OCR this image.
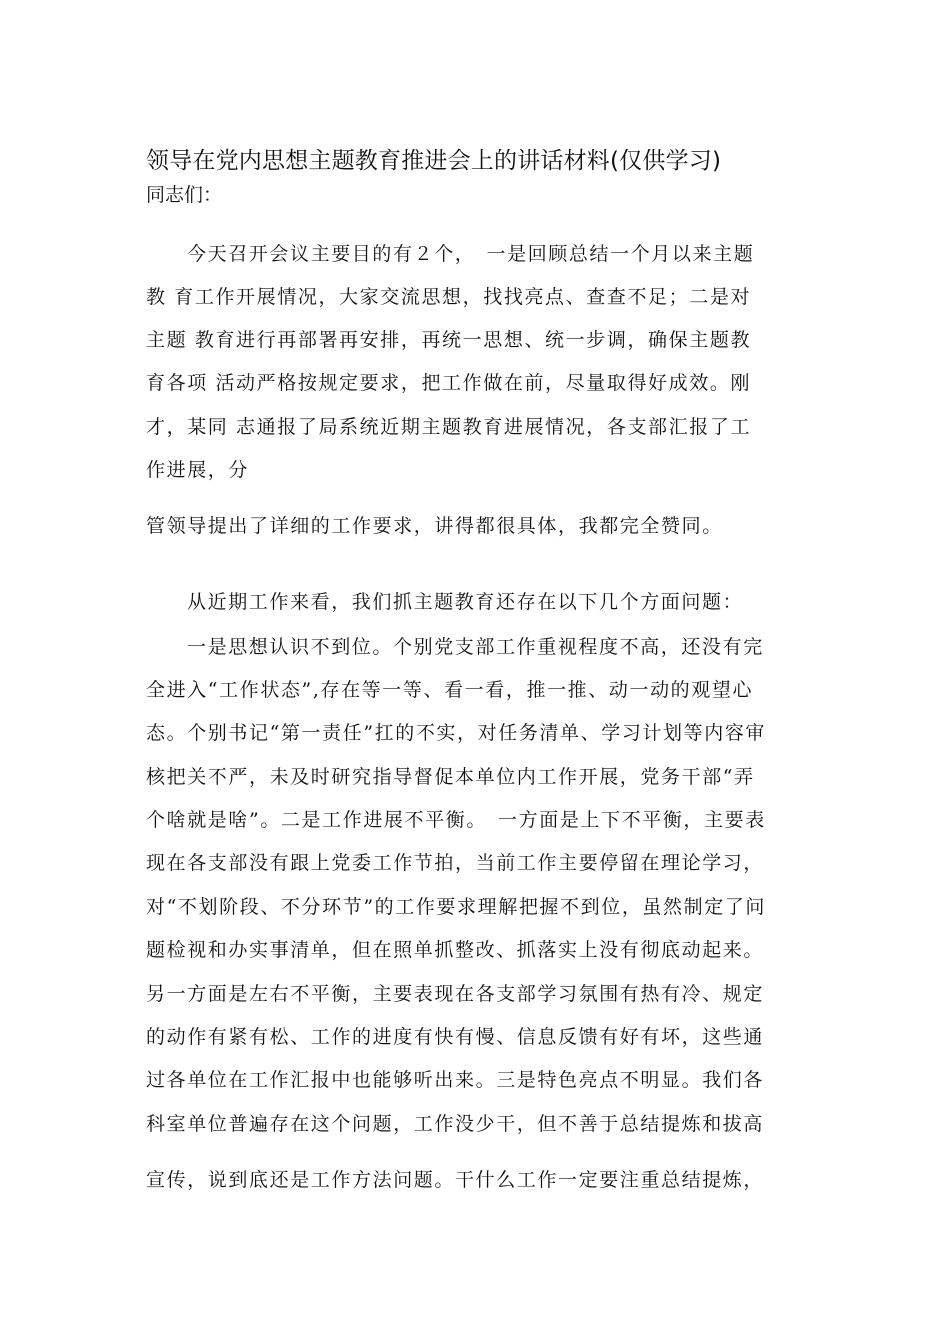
领导在党内思想主题教育推进会上的讲话材料(仅供学习)
同志们：
今天召开会议主要目的有２个，　一是回顾总结一个月以来主题
教 育工作开展情况，大家交流思想，找找亮点、查查不足；二是对
主题 教育进行再部署再安排，再统一思想、统一步调，确保主题教
育各项 活动严格按规定要求，把工作做在前，尽量取得好成效。刚
才，某同 志通报了局系统近期主题教育进展情况，各支部汇报了工
作进展，分
管领导提出了详细的工作要求，讲得都很具体，我都完全赞同。
从近期工作来看，我们抓主题教育还存在以下几个方面问题：
一是思想认识不到位。个别党支部工作重视程度不高，还没有完
全进入“工作状态”,存在等一等、看一看，推一推、动一动的观望心
态。个别书记“第一责任”扛的不实，对任务清单、学习计划等内容审
核把关不严，未及时研究指导督促本单位内工作开展，党务干部“弄
个啥就是啥”。二是工作进展不平衡。　一方面是上下不平衡，主要表
现在各支部没有跟上党委工作节拍，当前工作主要停留在理论学习，
对“不划阶段、不分环节”的工作要求理解把握不到位，虽然制定了问
题检视和办实事清单，但在照单抓整改、抓落实上没有彻底动起来。
另一方面是左右不平衡，主要表现在各支部学习氛围有热有冷、规定
的动作有紧有松、工作的进度有快有慢、信息反馈有好有坏，这些通
过各单位在工作汇报中也能够听出来。三是特色亮点不明显。我们各
科室单位普遍存在这个问题，工作没少干，但不善于总结提炼和拔高
宣传，说到底还是工作方法问题。干什么工作一定要注重总结提炼，
